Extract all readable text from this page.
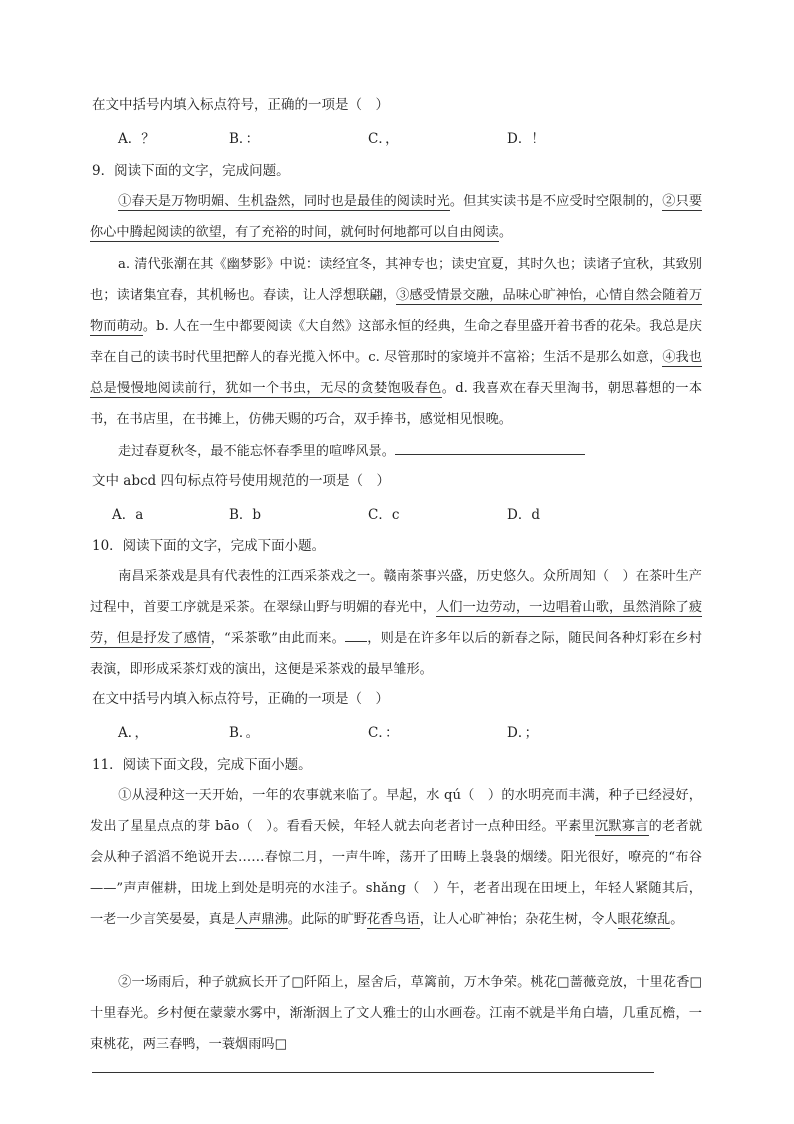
在文中括号内填入标点符号，正确的一项是（　）
A．？	B．：	C．，	D．！
9．阅读下面的文字，完成问题。
①春天是万物明媚、生机盎然，同时也是最佳的阅读时光。但其实读书是不应受时空限制的，②只要你心中腾起阅读的欲望，有了充裕的时间，就何时何地都可以自由阅读。
a. 清代张潮在其《幽梦影》中说：读经宜冬，其神专也；读史宜夏，其时久也；读诸子宜秋，其致别也；读诸集宜春，其机畅也。春读，让人浮想联翩，③感受情景交融，品味心旷神怡，心情自然会随着万物而萌动。b. 人在一生中都要阅读《大自然》这部永恒的经典，生命之春里盛开着书香的花朵。我总是庆幸在自己的读书时代里把醉人的春光揽入怀中。c. 尽管那时的家境并不富裕；生活不是那么如意，④我也总是慢慢地阅读前行，犹如一个书虫，无尽的贪婪饱吸春色。d. 我喜欢在春天里淘书，朝思暮想的一本书，在书店里，在书摊上，仿佛天赐的巧合，双手捧书，感觉相见恨晚。
走过春夏秋冬，最不能忘怀春季里的喧哗风景。
文中 abcd 四句标点符号使用规范的一项是（　）
A．a	B．b	C．c	D．d
10．阅读下面的文字，完成下面小题。
南昌采茶戏是具有代表性的江西采茶戏之一。赣南茶事兴盛，历史悠久。众所周知（　）在茶叶生产过程中，首要工序就是采茶。在翠绿山野与明媚的春光中，人们一边劳动，一边唱着山歌，虽然消除了疲劳，但是抒发了感情，“采茶歌”由此而来。 ，则是在许多年以后的新春之际，随民间各种灯彩在乡村表演，即形成采茶灯戏的演出，这便是采茶戏的最早雏形。
在文中括号内填入标点符号，正确的一项是（　）
A．，	B．。	C．：	D．；
11．阅读下面文段，完成下面小题。
①从浸种这一天开始，一年的农事就来临了。早起，水 qú（　）的水明亮而丰满，种子已经浸好，发出了星星点点的芽 bāo（　）。看看天候，年轻人就去向老者讨一点种田经。平素里沉默寡言的老者就会从种子滔滔不绝说开去……春惊二月，一声牛哞，荡开了田畴上袅袅的烟缕。阳光很好，嘹亮的“布谷——”声声催耕，田垅上到处是明亮的水洼子。shǎng（　）午，老者出现在田埂上，年轻人紧随其后，一老一少言笑晏晏，真是人声鼎沸。此际的旷野花香鸟语，让人心旷神怡；杂花生树，令人眼花缭乱。
②一场雨后，种子就疯长开了□阡陌上，屋舍后，草篱前，万木争荣。桃花□蔷薇竞放，十里花香□十里春光。乡村便在蒙蒙水雾中，渐渐洇上了文人雅士的山水画卷。江南不就是半角白墙，几重瓦檐，一束桃花，两三春鸭，一蓑烟雨吗□
